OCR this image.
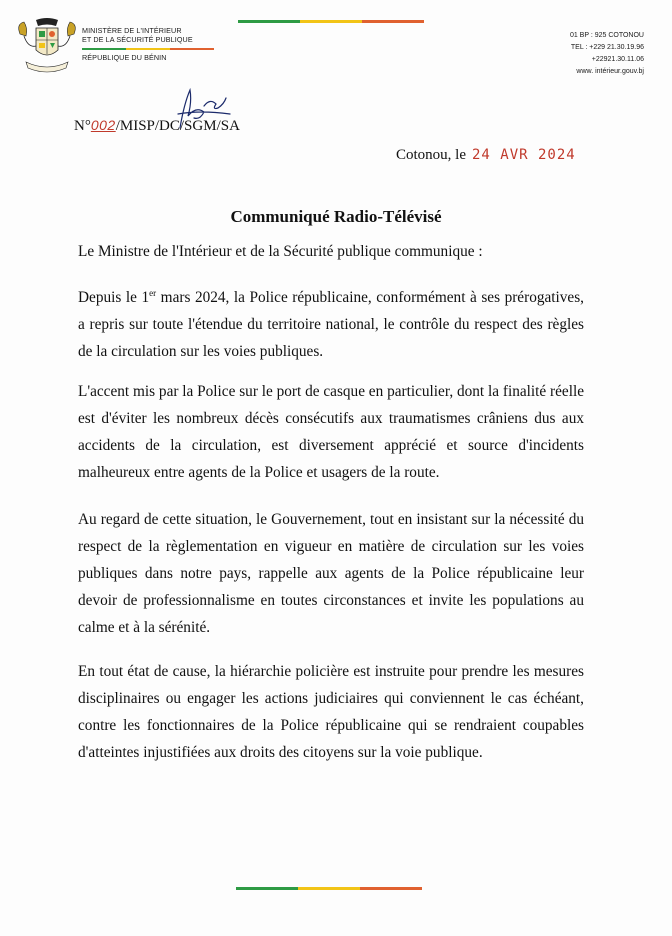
MINISTÈRE DE L'INTÉRIEUR
ET DE LA SÉCURITÉ PUBLIQUE
RÉPUBLIQUE DU BÉNIN
01 BP : 925 COTONOU
TEL : +229 21.30.19.96
+22921.30.11.06
www. intérieur.gouv.bj
N°002/MISP/DC/SGM/SA
Cotonou, le 24 AVR 2024
Communiqué Radio-Télévisé
Le Ministre de l'Intérieur et de la Sécurité publique communique :
Depuis le 1er mars 2024, la Police républicaine, conformément à ses prérogatives, a repris sur toute l'étendue du territoire national, le contrôle du respect des règles de la circulation sur les voies publiques.
L'accent mis par la Police sur le port de casque en particulier, dont la finalité réelle est d'éviter les nombreux décès consécutifs aux traumatismes crâniens dus aux accidents de la circulation, est diversement apprécié et source d'incidents malheureux entre agents de la Police et usagers de la route.
Au regard de cette situation, le Gouvernement, tout en insistant sur la nécessité du respect de la règlementation en vigueur en matière de circulation sur les voies publiques dans notre pays, rappelle aux agents de la Police républicaine leur devoir de professionnalisme en toutes circonstances et invite les populations au calme et à la sérénité.
En tout état de cause, la hiérarchie policière est instruite pour prendre les mesures disciplinaires ou engager les actions judiciaires qui conviennent le cas échéant, contre les fonctionnaires de la Police républicaine qui se rendraient coupables d'atteintes injustifiées aux droits des citoyens sur la voie publique.
